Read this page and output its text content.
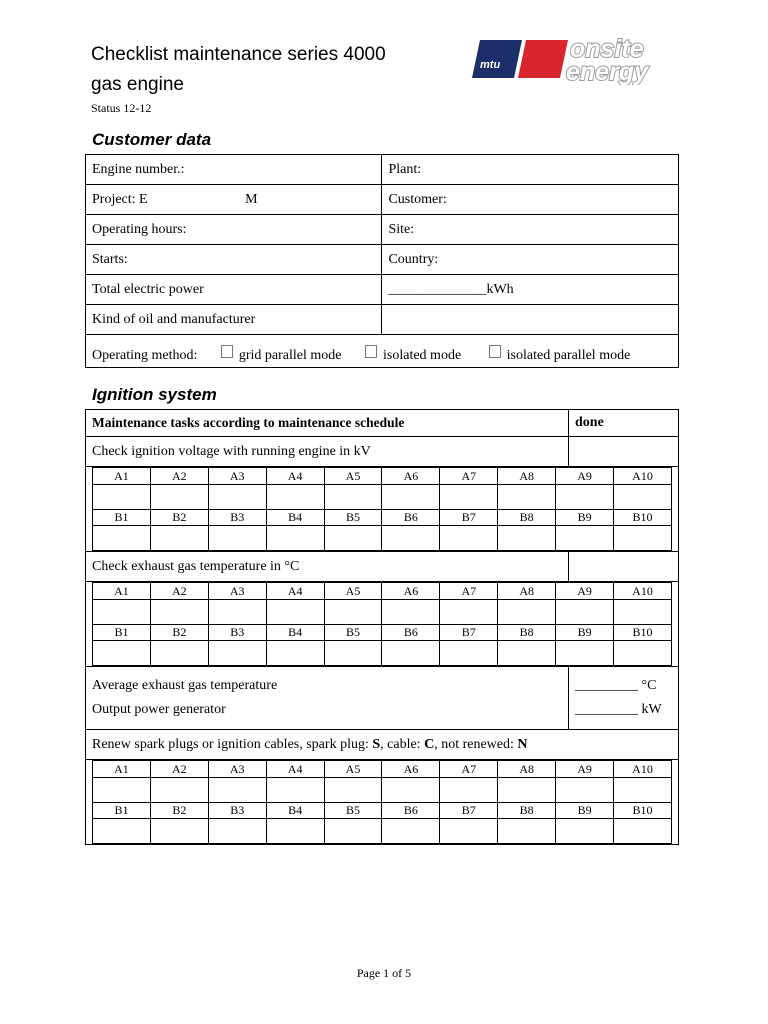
Checklist maintenance series 4000
gas engine
Status 12-12
mtu
onsite
energy
Customer data
Engine number.:	Plant:
Project: E M	Customer:
Operating hours:	Site:
Starts:	Country:
Total electric power	______________kWh
Kind of oil and manufacturer	
Operating method: grid parallel mode isolated mode isolated parallel mode	
Ignition system
Maintenance tasks according to maintenance schedule	done
Check ignition voltage with running engine in kV
A1	A2	A3	A4	A5	A6	A7	A8	A9	A10

B1	B2	B3	B4	B5	B6	B7	B8	B9	B10

Check exhaust gas temperature in °C
A1	A2	A3	A4	A5	A6	A7	A8	A9	A10

B1	B2	B3	B4	B5	B6	B7	B8	B9	B10

Average exhaust gas temperature
Output power generator
_________ °C
_________ kW
Renew spark plugs or ignition cables, spark plug: S , cable: C , not renewed: N
A1	A2	A3	A4	A5	A6	A7	A8	A9	A10

B1	B2	B3	B4	B5	B6	B7	B8	B9	B10

Page 1 of 5
